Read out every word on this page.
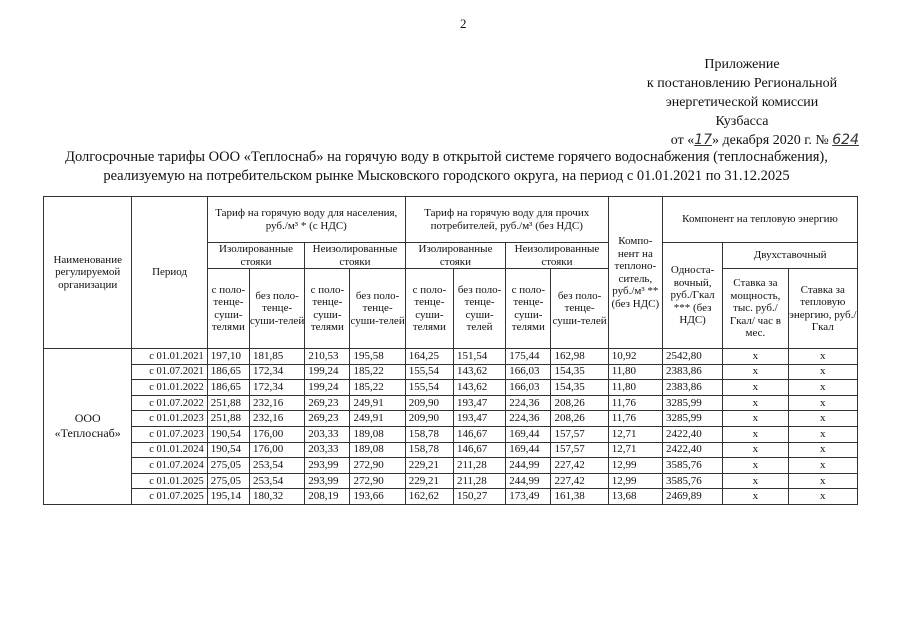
2
Приложение
к постановлению Региональной
энергетической комиссии
Кузбасса
от «17» декабря 2020 г. № 624
Долгосрочные тарифы ООО «Теплоснаб» на горячую воду в открытой системе горячего водоснабжения (теплоснабжения),
реализуемую на потребительском рынке Мысковского городского округа, на период с 01.01.2021 по 31.12.2025
Наименование регулируемой организации	Период	Тариф на горячую воду для населения, руб./м³ * (с НДС)				Тариф на горячую воду для прочих потребителей, руб./м³ (без НДС)				Компо-нент на теплоно-ситель, руб./м³ ** (без НДС)	Компонент на тепловую энергию		
		Изолированные стояки		Неизолированные стояки		Изолированные стояки		Неизолированные стояки			Односта-вочный, руб./Гкал *** (без НДС)	Двухставочный	
		с поло-тенце-суши-телями	без поло-тенце-суши-телей	с поло-тенце-суши-телями	без поло-тенце-суши-телей	с поло-тенце-суши-телями	без поло-тенце-суши-телей	с поло-тенце-суши-телями	без поло-тенце-суши-телей			Ставка за мощность, тыс. руб./ Гкал/ час в мес.	Ставка за тепловую энергию, руб./Гкал

ООО «Теплоснаб»	с 01.01.2021	197,10	181,85	210,53	195,58	164,25	151,54	175,44	162,98	10,92	2542,80	х	х
	с 01.07.2021	186,65	172,34	199,24	185,22	155,54	143,62	166,03	154,35	11,80	2383,86	х	х
	с 01.01.2022	186,65	172,34	199,24	185,22	155,54	143,62	166,03	154,35	11,80	2383,86	х	х
	с 01.07.2022	251,88	232,16	269,23	249,91	209,90	193,47	224,36	208,26	11,76	3285,99	х	х
	с 01.01.2023	251,88	232,16	269,23	249,91	209,90	193,47	224,36	208,26	11,76	3285,99	х	х
	с 01.07.2023	190,54	176,00	203,33	189,08	158,78	146,67	169,44	157,57	12,71	2422,40	х	х
	с 01.01.2024	190,54	176,00	203,33	189,08	158,78	146,67	169,44	157,57	12,71	2422,40	х	х
	с 01.07.2024	275,05	253,54	293,99	272,90	229,21	211,28	244,99	227,42	12,99	3585,76	х	х
	с 01.01.2025	275,05	253,54	293,99	272,90	229,21	211,28	244,99	227,42	12,99	3585,76	х	х
	с 01.07.2025	195,14	180,32	208,19	193,66	162,62	150,27	173,49	161,38	13,68	2469,89	х	х
